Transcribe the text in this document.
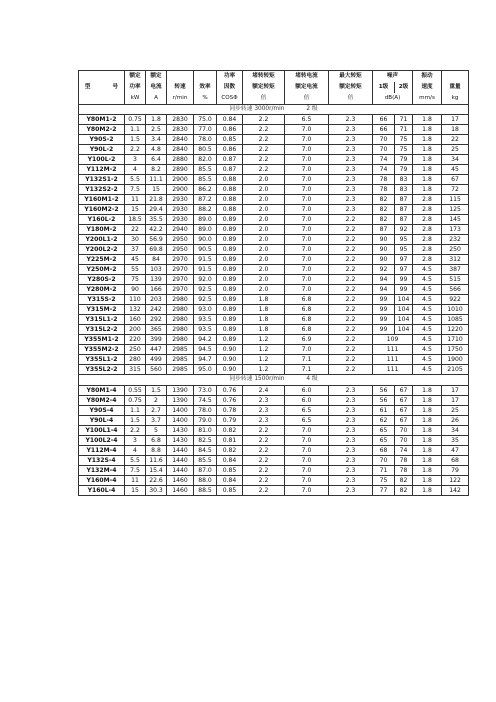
	额定	额定			功率	堵转转矩	堵转电流	最大转矩	噪声		振动	
型 号	功率	电流	转速	效率	因数	额定转矩	额定电流	额定转矩	1级	2级	速度	重量
	kW	A	r/min	%	COSΦ	倍	倍	倍	dB(A)		mm/s	kg
同步转速 3000r/min 2 级												
Y80M1-2	0.75	1.8	2830	75.0	0.84	2.2	6.5	2.3	66	71	1.8	17
Y80M2-2	1.1	2.5	2830	77.0	0.86	2.2	7.0	2.3	66	71	1.8	18
Y90S-2	1.5	3.4	2840	78.0	0.85	2.2	7.0	2.3	70	75	1.8	22
Y90L-2	2.2	4.8	2840	80.5	0.86	2.2	7.0	2.3	70	75	1.8	25
Y100L-2	3	6.4	2880	82.0	0.87	2.2	7.0	2.3	74	79	1.8	34
Y112M-2	4	8.2	2890	85.5	0.87	2.2	7.0	2.3	74	79	1.8	45
Y132S1-2	5.5	11.1	2900	85.5	0.88	2.0	7.0	2.3	78	83	1.8	67
Y132S2-2	7.5	15	2900	86.2	0.88	2.0	7.0	2.3	78	83	1.8	72
Y160M1-2	11	21.8	2930	87.2	0.88	2.0	7.0	2.3	82	87	2.8	115
Y160M2-2	15	29.4	2930	88.2	0.88	2.0	7.0	2.3	82	87	2.8	125
Y160L-2	18.5	35.5	2930	89.0	0.89	2.0	7.0	2.2	82	87	2.8	145
Y180M-2	22	42.2	2940	89.0	0.89	2.0	7.0	2.2	87	92	2.8	173
Y200L1-2	30	56.9	2950	90.0	0.89	2.0	7.0	2.2	90	95	2.8	232
Y200L2-2	37	69.8	2950	90.5	0.89	2.0	7.0	2.2	90	95	2.8	250
Y225M-2	45	84	2970	91.5	0.89	2.0	7.0	2.2	90	97	2.8	312
Y250M-2	55	103	2970	91.5	0.89	2.0	7.0	2.2	92	97	4.5	387
Y280S-2	75	139	2970	92.0	0.89	2.0	7.0	2.2	94	99	4.5	515
Y280M-2	90	166	2970	92.5	0.89	2.0	7.0	2.2	94	99	4.5	566
Y315S-2	110	203	2980	92.5	0.89	1.8	6.8	2.2	99	104	4.5	922
Y315M-2	132	242	2980	93.0	0.89	1.8	6.8	2.2	99	104	4.5	1010
Y315L1-2	160	292	2980	93.5	0.89	1.8	6.8	2.2	99	104	4.5	1085
Y315L2-2	200	365	2980	93.5	0.89	1.8	6.8	2.2	99	104	4.5	1220
Y355M1-2	220	399	2980	94.2	0.89	1.2	6.9	2.2	109		4.5	1710
Y355M2-2	250	447	2985	94.5	0.90	1.2	7.0	2.2	111		4.5	1750
Y355L1-2	280	499	2985	94.7	0.90	1.2	7.1	2.2	111		4.5	1900
Y355L2-2	315	560	2985	95.0	0.90	1.2	7.1	2.2	111		4.5	2105
同步转速 1500r/min 4 级												
Y80M1-4	0.55	1.5	1390	73.0	0.76	2.4	6.0	2.3	56	67	1.8	17
Y80M2-4	0.75	2	1390	74.5	0.76	2.3	6.0	2.3	56	67	1.8	17
Y90S-4	1.1	2.7	1400	78.0	0.78	2.3	6.5	2.3	61	67	1.8	25
Y90L-4	1.5	3.7	1400	79.0	0.79	2.3	6.5	2.3	62	67	1.8	26
Y100L1-4	2.2	5	1430	81.0	0.82	2.2	7.0	2.3	65	70	1.8	34
Y100L2-4	3	6.8	1430	82.5	0.81	2.2	7.0	2.3	65	70	1.8	35
Y112M-4	4	8.8	1440	84.5	0.82	2.2	7.0	2.3	68	74	1.8	47
Y132S-4	5.5	11.6	1440	85.5	0.84	2.2	7.0	2.3	70	78	1.8	68
Y132M-4	7.5	15.4	1440	87.0	0.85	2.2	7.0	2.3	71	78	1.8	79
Y160M-4	11	22.6	1460	88.0	0.84	2.2	7.0	2.3	75	82	1.8	122
Y160L-4	15	30.3	1460	88.5	0.85	2.2	7.0	2.3	77	82	1.8	142
